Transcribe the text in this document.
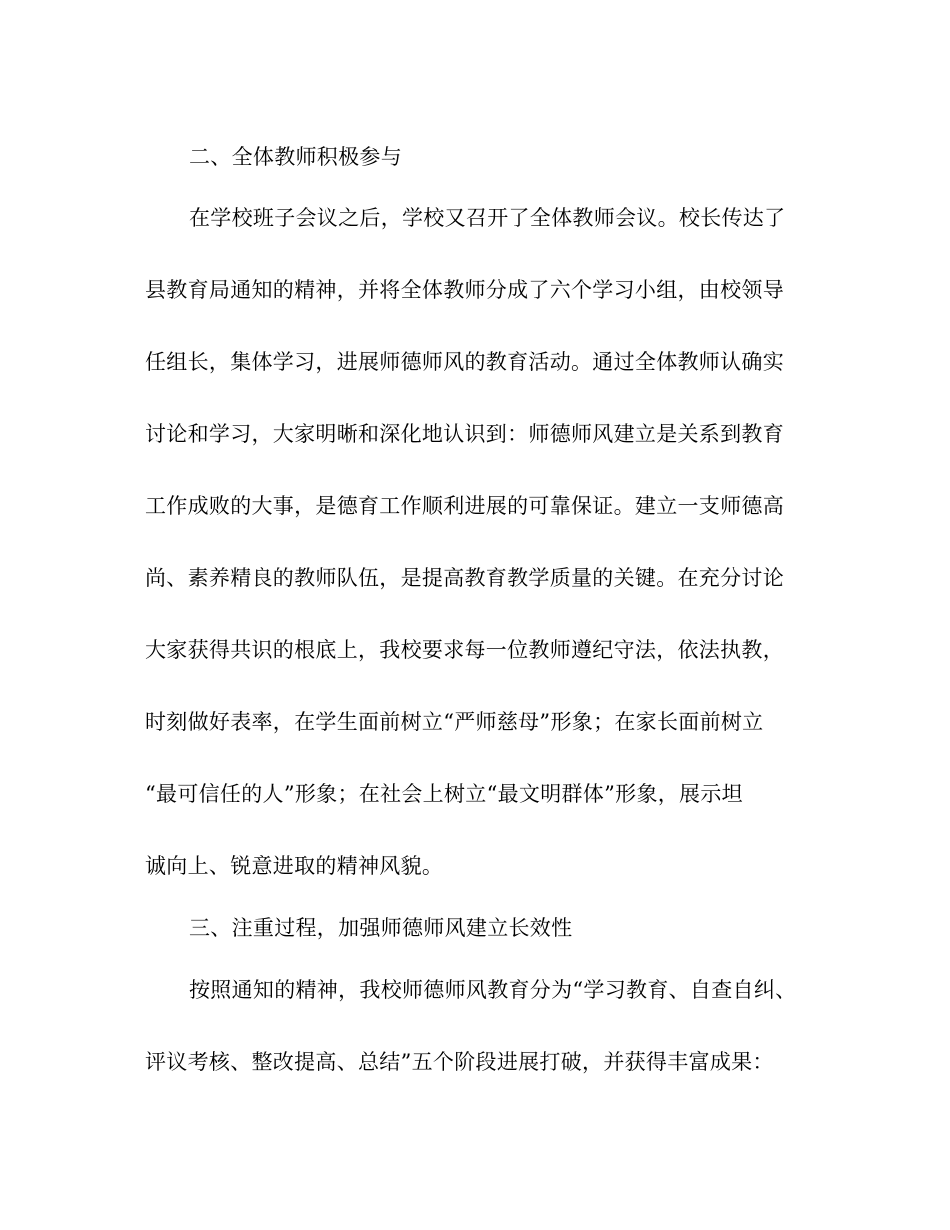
二、全体教师积极参与
在学校班子会议之后，学校又召开了全体教师会议。校长传达了
县教育局通知的精神，并将全体教师分成了六个学习小组，由校领导
任组长，集体学习，进展师德师风的教育活动。通过全体教师认确实
讨论和学习，大家明晰和深化地认识到：师德师风建立是关系到教育
工作成败的大事，是德育工作顺利进展的可靠保证。建立一支师德高
尚、素养精良的教师队伍，是提高教育教学质量的关键。在充分讨论
大家获得共识的根底上，我校要求每一位教师遵纪守法，依法执教，
时刻做好表率，在学生面前树立“严师慈母”形象；在家长面前树立
“最可信任的人”形象；在社会上树立“最文明群体”形象，展示坦
诚向上、锐意进取的精神风貌。
三、注重过程，加强师德师风建立长效性
按照通知的精神，我校师德师风教育分为“学习教育、自查自纠、
评议考核、整改提高、总结”五个阶段进展打破，并获得丰富成果：
